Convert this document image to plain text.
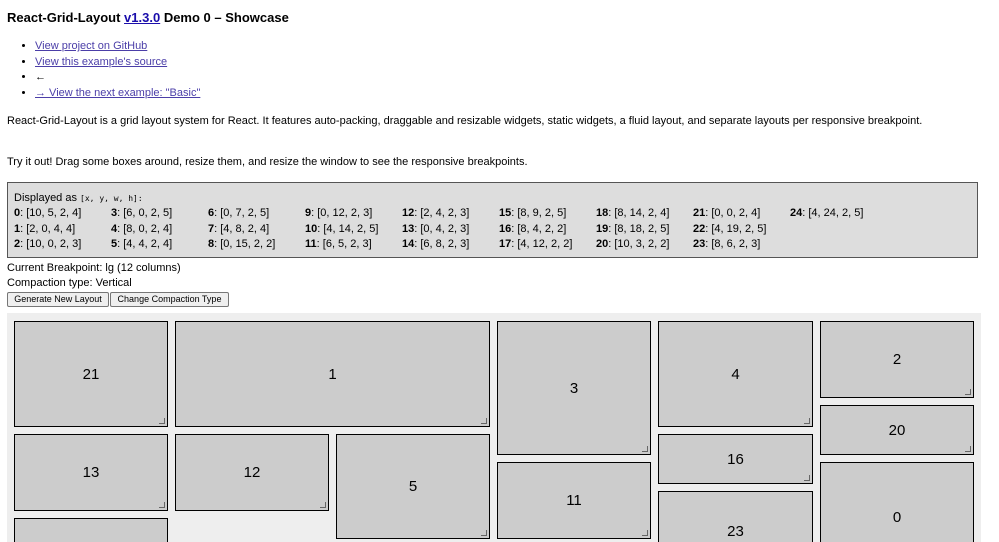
React-Grid-Layout v1.3.0 Demo 0 – Showcase
• View project on GitHub
• View this example's source
• ←
• → View the next example: "Basic"

React-Grid-Layout is a grid layout system for React. It features auto-packing, draggable and resizable widgets, static widgets, a fluid layout, and separate layouts per responsive breakpoint.

Try it out! Drag some boxes around, resize them, and resize the window to see the responsive breakpoints.

Displayed as [x, y, w, h]:
0: [10, 5, 2, 4]
1: [2, 0, 4, 4]
2: [10, 0, 2, 3]
3: [6, 0, 2, 5]
4: [8, 0, 2, 4]
5: [4, 4, 2, 4]
6: [0, 7, 2, 5]
7: [4, 8, 2, 4]
8: [0, 15, 2, 2]
9: [0, 12, 2, 3]
10: [4, 14, 2, 5]
11: [6, 5, 2, 3]
12: [2, 4, 2, 3]
13: [0, 4, 2, 3]
14: [6, 8, 2, 3]
15: [8, 9, 2, 5]
16: [8, 4, 2, 2]
17: [4, 12, 2, 2]
18: [8, 14, 2, 4]
19: [8, 18, 2, 5]
20: [10, 3, 2, 2]
21: [0, 0, 2, 4]
22: [4, 19, 2, 5]
23: [8, 6, 2, 3]
24: [4, 24, 2, 5]
Current Breakpoint: lg (12 columns)
Compaction type: Vertical
Generate New Layout	Change Compaction Type
21	1
3
4
2
20
13	12
5
16
11
23
0
